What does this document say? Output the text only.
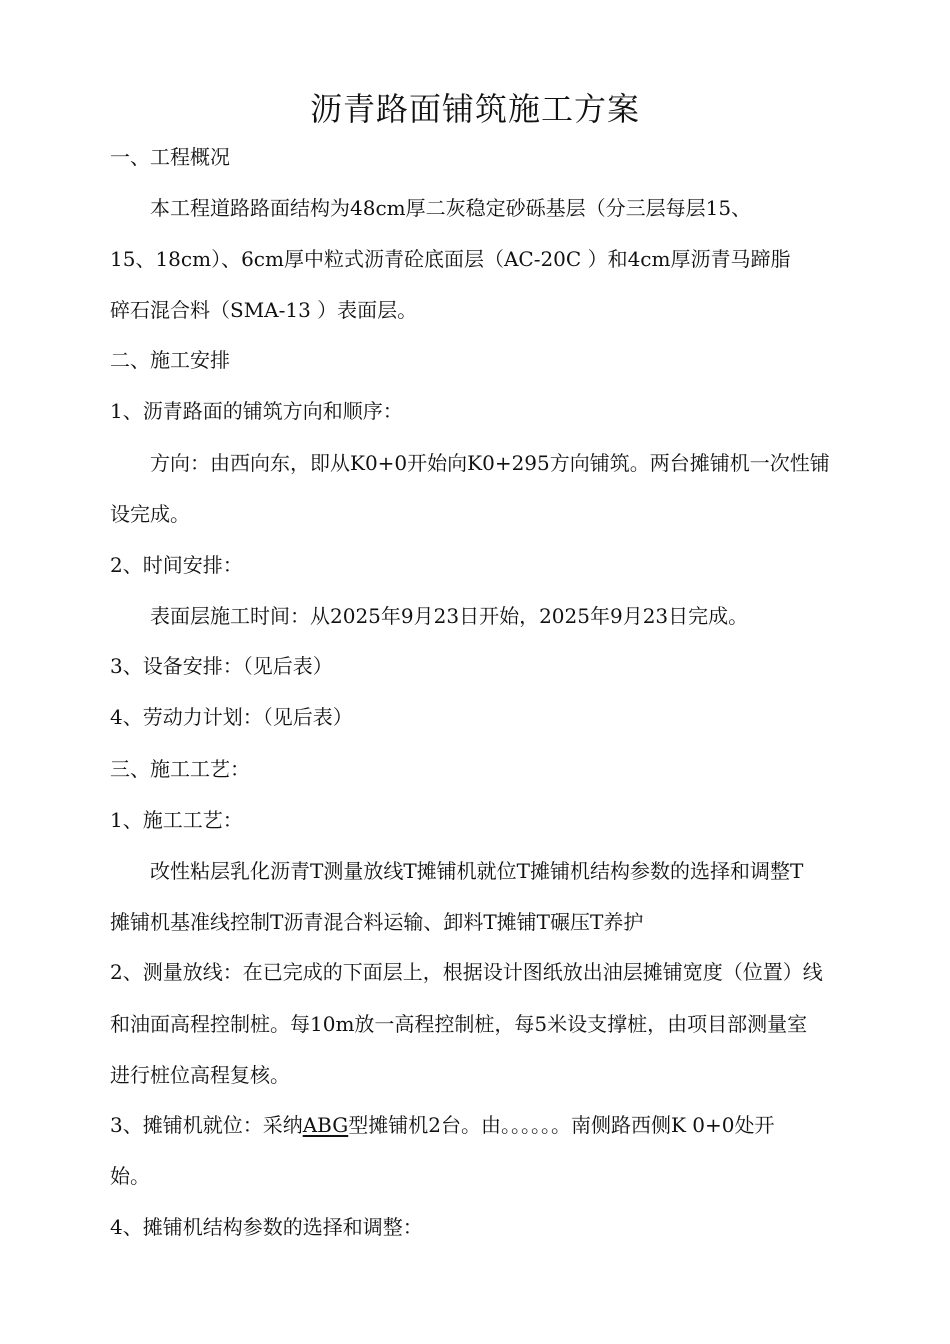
沥青路面铺筑施工方案
一、工程概况
本工程道路路面结构为48cm厚二灰稳定砂砾基层（分三层每层15、
15、18cm）、6cm厚中粒式沥青砼底面层（AC-20C ）和4cm厚沥青马蹄脂
碎石混合料（SMA-13 ）表面层。
二、施工安排
1、沥青路面的铺筑方向和顺序：
方向：由西向东，即从K0+0开始向K0+295方向铺筑。两台摊铺机一次性铺
设完成。
2、时间安排：
表面层施工时间：从2025年9月23日开始，2025年9月23日完成。
3、设备安排：（见后表）
4、劳动力计划：（见后表）
三、施工工艺：
1、施工工艺：
改性粘层乳化沥青T测量放线T摊铺机就位T摊铺机结构参数的选择和调整T
摊铺机基准线控制T沥青混合料运输、卸料T摊铺T碾压T养护
2、测量放线：在已完成的下面层上，根据设计图纸放出油层摊铺宽度（位置）线
和油面高程控制桩。每10m放一高程控制桩，每5米设支撑桩，由项目部测量室
进行桩位高程复核。
3、摊铺机就位：采纳ABG型摊铺机2台。由。。。。。。南侧路西侧K 0+0处开
始。
4、摊铺机结构参数的选择和调整：
